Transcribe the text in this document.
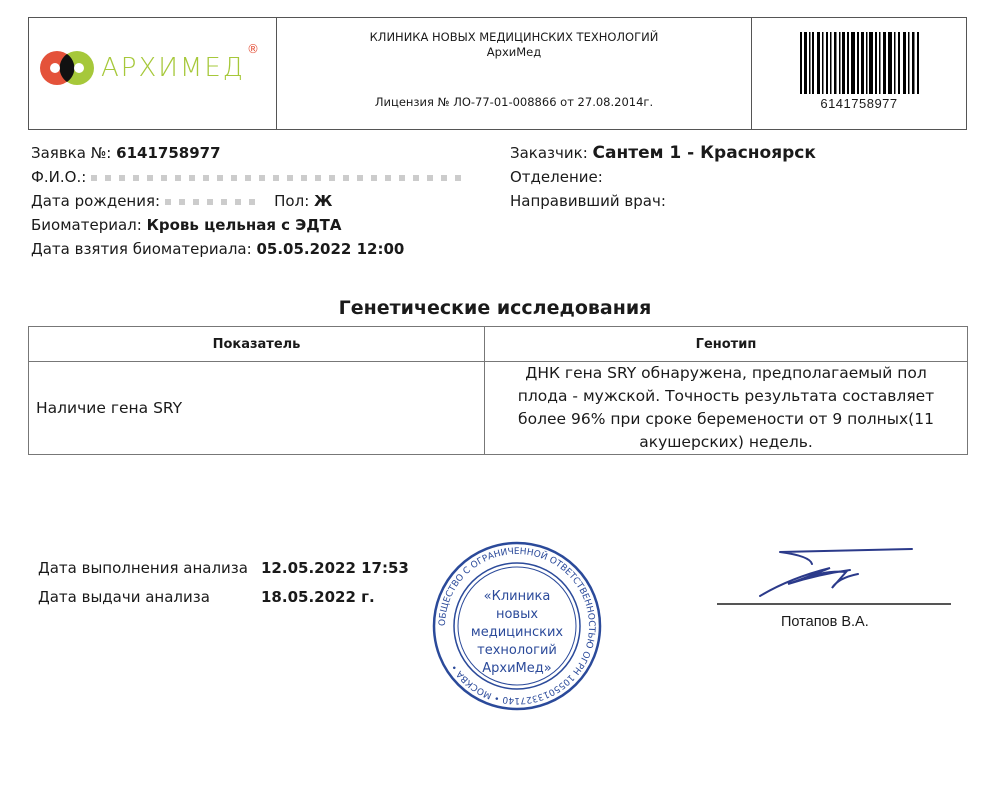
АРХИМЕД
®
КЛИНИКА НОВЫХ МЕДИЦИНСКИХ ТЕХНОЛОГИЙ
АрхиМед
Лицензия № ЛО-77-01-008866 от 27.08.2014г.	6141758977
Заявка №: 6141758977
Ф.И.О.:
Дата рождения:	Пол: Ж
Биоматериал: Кровь цельная с ЭДТА
Дата взятия биоматериала: 05.05.2022 12:00
Заказчик: Сантем 1 - Красноярск
Отделение:
Направивший врач:
Генетические исследования
Показатель	Генотип
Наличие гена SRY	ДНК гена SRY обнаружена, предполагаемый пол плода - мужской. Точность результата составляет более 96% при сроке беремености от 9 полных(11 акушерских) недель.
Дата выполнения анализа 12.05.2022 17:53
Дата выдачи анализа	18.05.2022 г.
ОБЩЕСТВО С ОГРАНИЧЕННОЙ ОТВЕТСТВЕННОСТЬЮ ОГРН 1055013327140 • МОСКВА •
«Клиника
новых
медицинских
технологий
АрхиМед»
Потапов В.А.
